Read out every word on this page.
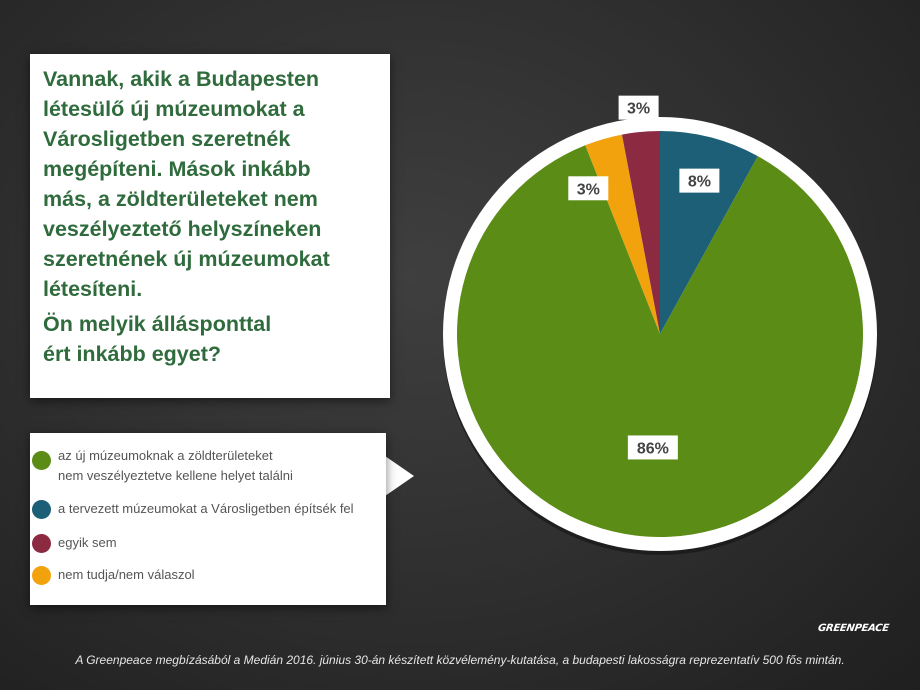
8%
86%
3%
3%

Vannak, akik a Budapesten
létesülő új múzeumokat a
Városligetben szeretnék
megépíteni. Mások inkább
más, a zöldterületeket nem
veszélyeztető helyszíneken
szeretnének új múzeumokat
létesíteni.
Ön melyik állásponttal
ért inkább egyet?

az új múzeumoknak a zöldterületeket
nem veszélyeztetve kellene helyet találni
a tervezett múzeumokat a Városligetben építsék fel
egyik sem
nem tudja/nem válaszol
GREENPEACE
A Greenpeace megbízásából a Medián 2016. június 30-án készített közvélemény-kutatása, a budapesti lakosságra reprezentatív 500 fős mintán.
